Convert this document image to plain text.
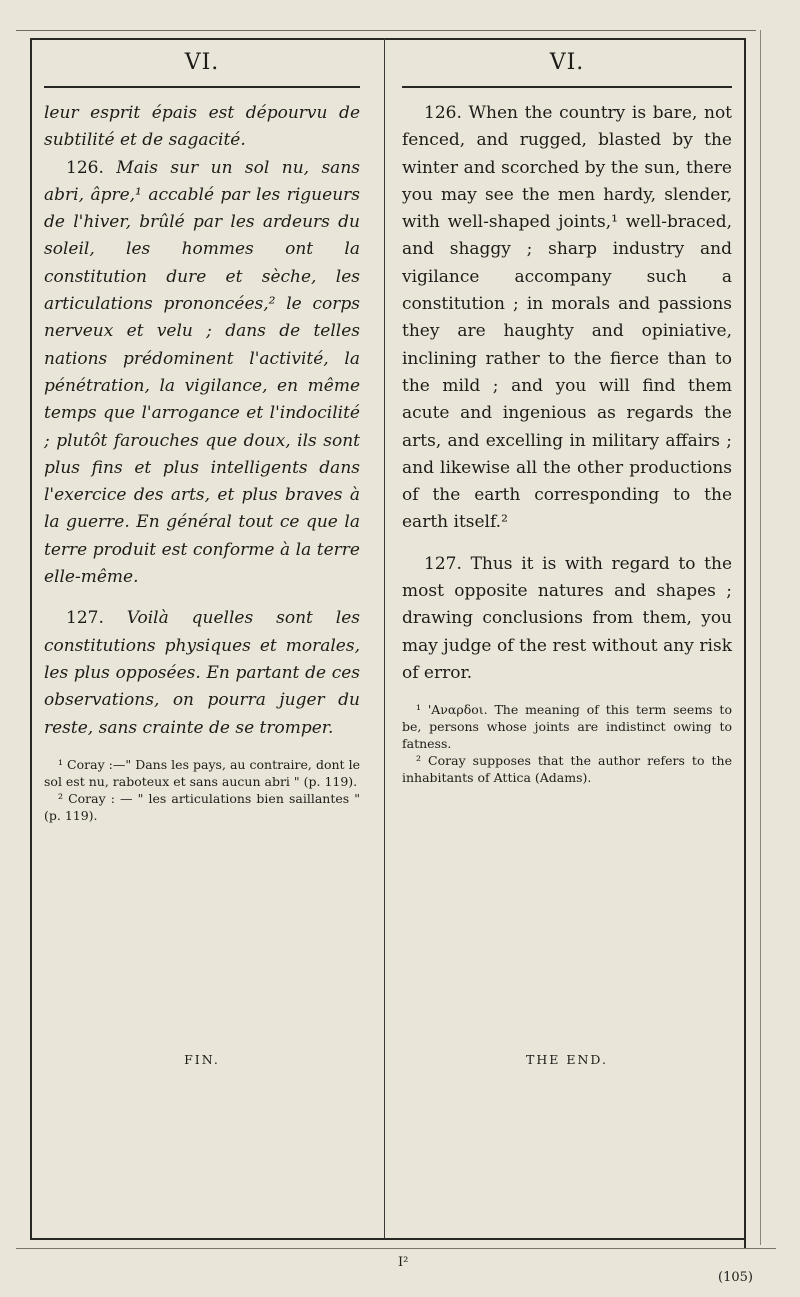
VI.

leur esprit épais est dépourvu de subtilité et de sagacité.

126. Mais sur un sol nu, sans abri, âpre,¹ accablé par les rigueurs de l'hiver, brûlé par les ardeurs du soleil, les hommes ont la constitution dure et sèche, les articulations prononcées,² le corps nerveux et velu ; dans de telles nations prédominent l'activité, la pénétration, la vigilance, en même temps que l'arrogance et l'indocilité ; plutôt farouches que doux, ils sont plus fins et plus intelligents dans l'exercice des arts, et plus braves à la guerre. En général tout ce que la terre produit est conforme à la terre elle-même.

127. Voilà quelles sont les constitutions physiques et morales, les plus opposées. En partant de ces observations, on pourra juger du reste, sans crainte de se tromper.

¹ Coray :—" Dans les pays, au contraire, dont le sol est nu, raboteux et sans aucun abri " (p. 119).

² Coray : — " les articulations bien saillantes " (p. 119).

FIN.
VI.

126. When the country is bare, not fenced, and rugged, blasted by the winter and scorched by the sun, there you may see the men hardy, slender, with well-shaped joints,¹ well-braced, and shaggy ; sharp industry and vigilance accompany such a constitution ; in morals and passions they are haughty and opiniative, inclining rather to the fierce than to the mild ; and you will find them acute and ingenious as regards the arts, and excelling in military affairs ; and likewise all the other productions of the earth corresponding to the earth itself.²

127. Thus it is with regard to the most opposite natures and shapes ; drawing conclusions from them, you may judge of the rest without any risk of error.

¹ 'Αναρδοι. The meaning of this term seems to be, persons whose joints are indistinct owing to fatness.

² Coray supposes that the author refers to the inhabitants of Attica (Adams).

THE END.
I²
(105)
